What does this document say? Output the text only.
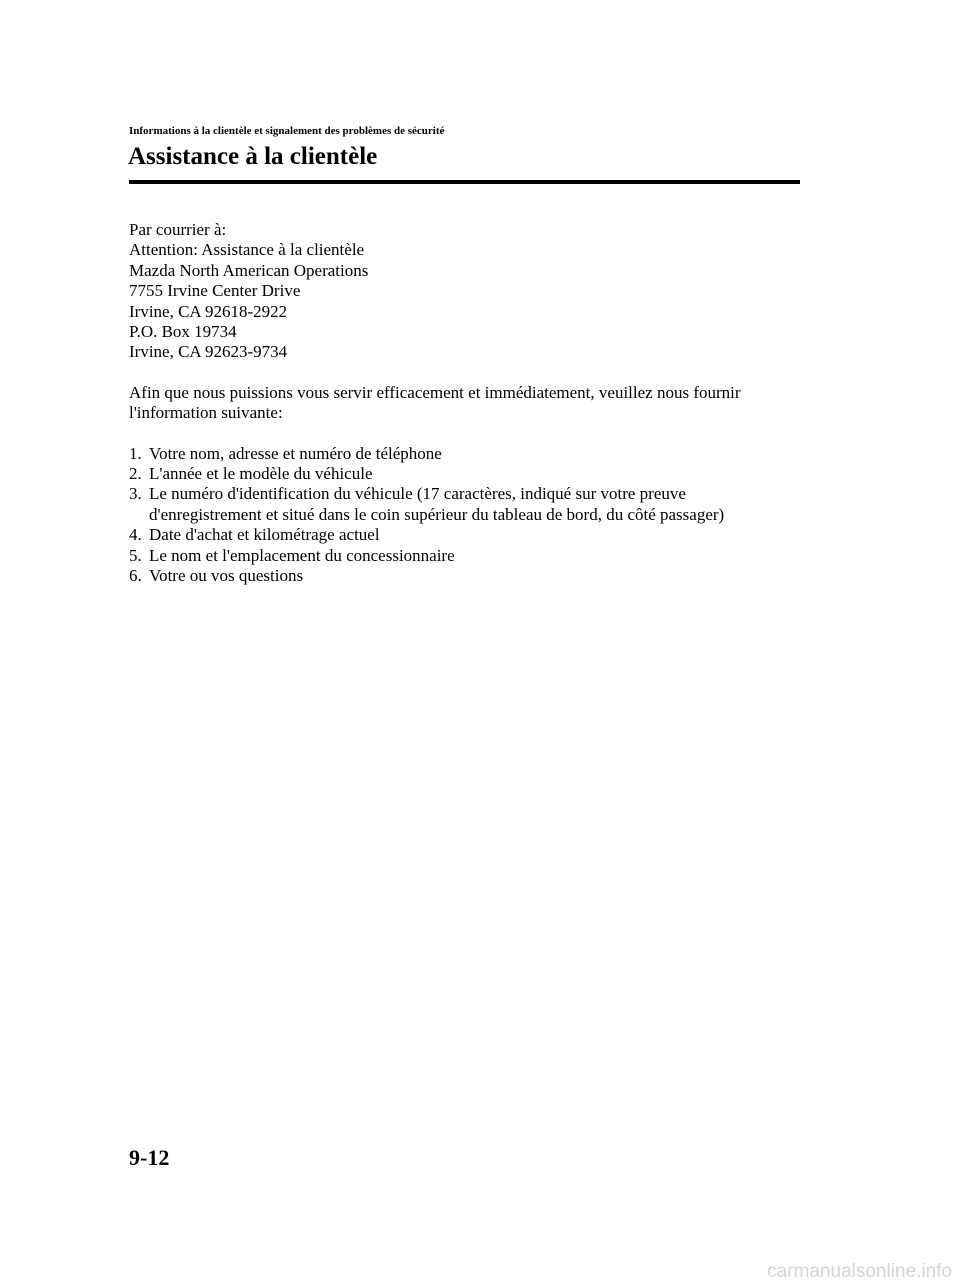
Informations à la clientèle et signalement des problèmes de sécurité
Assistance à la clientèle
Par courrier à:
Attention: Assistance à la clientèle
Mazda North American Operations
7755 Irvine Center Drive
Irvine, CA 92618-2922
P.O. Box 19734
Irvine, CA 92623-9734

Afin que nous puissions vous servir efficacement et immédiatement, veuillez nous fournir
l'information suivante:

1. Votre nom, adresse et numéro de téléphone
2. L'année et le modèle du véhicule
3. Le numéro d'identification du véhicule (17 caractères, indiqué sur votre preuve
d'enregistrement et situé dans le coin supérieur du tableau de bord, du côté passager)
4. Date d'achat et kilométrage actuel
5. Le nom et l'emplacement du concessionnaire
6. Votre ou vos questions
9-12
carmanualsonline.info
